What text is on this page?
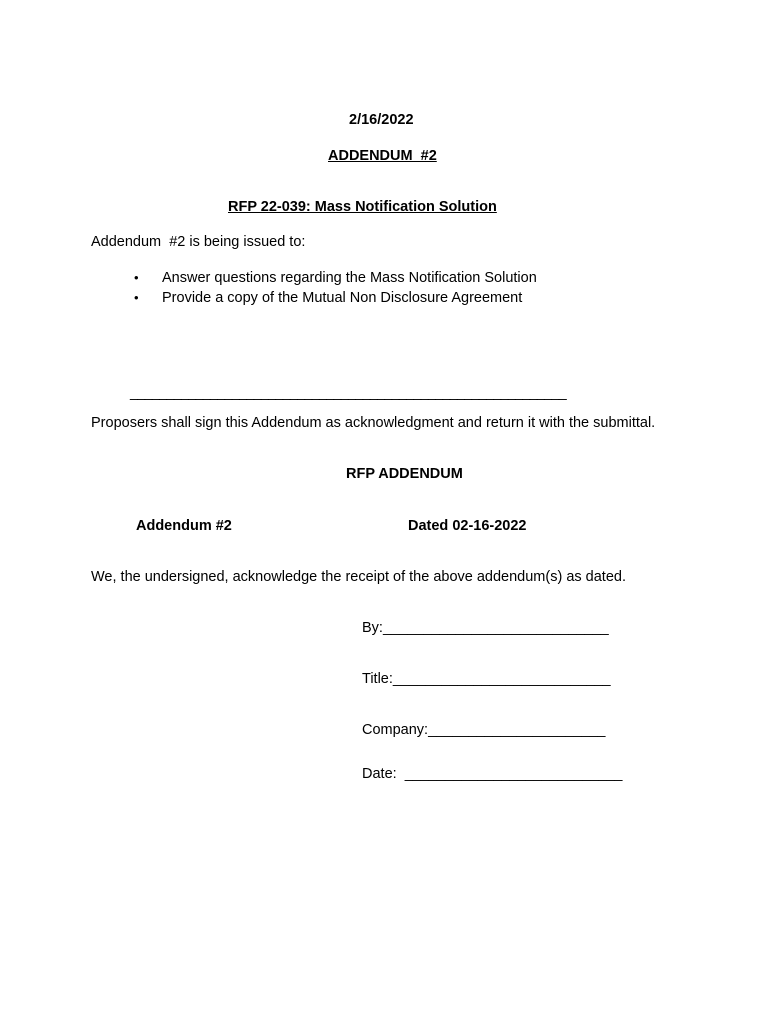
2/16/2022
ADDENDUM  #2
RFP 22-039: Mass Notification Solution
Addendum  #2 is being issued to:
• Answer questions regarding the Mass Notification Solution
• Provide a copy of the Mutual Non Disclosure Agreement
____________________________________________________________
Proposers shall sign this Addendum as acknowledgment and return it with the submittal.
RFP ADDENDUM
Addendum #2	Dated 02-16-2022
We, the undersigned, acknowledge the receipt of the above addendum(s) as dated.
By:____________________________
Title:___________________________
Company:______________________
Date:  ___________________________
